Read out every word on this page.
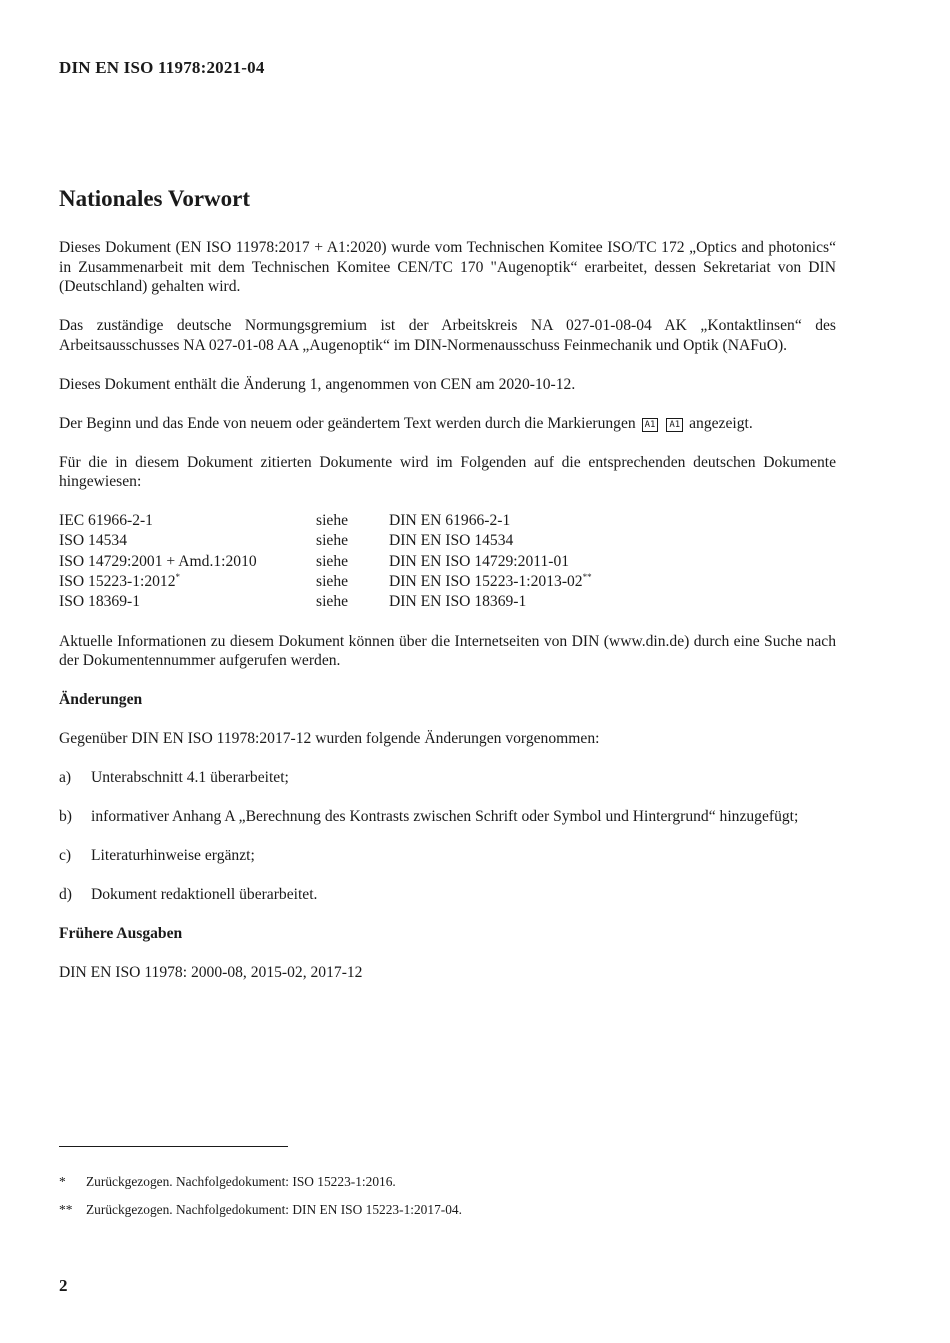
DIN EN ISO 11978:2021-04
Nationales Vorwort

Dieses Dokument (EN ISO 11978:2017 + A1:2020) wurde vom Technischen Komitee ISO/TC 172 „Optics and photonics“ in Zusammenarbeit mit dem Technischen Komitee CEN/TC 170 "Augenoptik“ erarbeitet, dessen Sekretariat von DIN (Deutschland) gehalten wird.

Das zuständige deutsche Normungsgremium ist der Arbeitskreis NA 027-01-08-04 AK „Kontaktlinsen“ des Arbeitsausschusses NA 027-01-08 AA „Augenoptik“ im DIN-Normenausschuss Feinmechanik und Optik (NAFuO).

Dieses Dokument enthält die Änderung 1, angenommen von CEN am 2020-10-12.

Der Beginn und das Ende von neuem oder geändertem Text werden durch die Markierungen A1 A1 angezeigt.

Für die in diesem Dokument zitierten Dokumente wird im Folgenden auf die entsprechenden deutschen Dokumente hingewiesen:

IEC 61966-2-1	siehe	DIN EN 61966-2-1
ISO 14534	siehe	DIN EN ISO 14534
ISO 14729:2001 + Amd.1:2010	siehe	DIN EN ISO 14729:2011-01
ISO 15223-1:2012*	siehe	DIN EN ISO 15223-1:2013-02**
ISO 18369-1	siehe	DIN EN ISO 18369-1

Aktuelle Informationen zu diesem Dokument können über die Internetseiten von DIN (www.din.de) durch eine Suche nach der Dokumentennummer aufgerufen werden.

Änderungen

Gegenüber DIN EN ISO 11978:2017-12 wurden folgende Änderungen vorgenommen:

a)	Unterabschnitt 4.1 überarbeitet;
b)	informativer Anhang A „Berechnung des Kontrasts zwischen Schrift oder Symbol und Hintergrund“ hinzugefügt;
c)	Literaturhinweise ergänzt;
d)	Dokument redaktionell überarbeitet.
Frühere Ausgaben

DIN EN ISO 11978: 2000-08, 2015-02, 2017-12

*	Zurückgezogen. Nachfolgedokument: ISO 15223-1:2016.
**	Zurückgezogen. Nachfolgedokument: DIN EN ISO 15223-1:2017-04.
2
